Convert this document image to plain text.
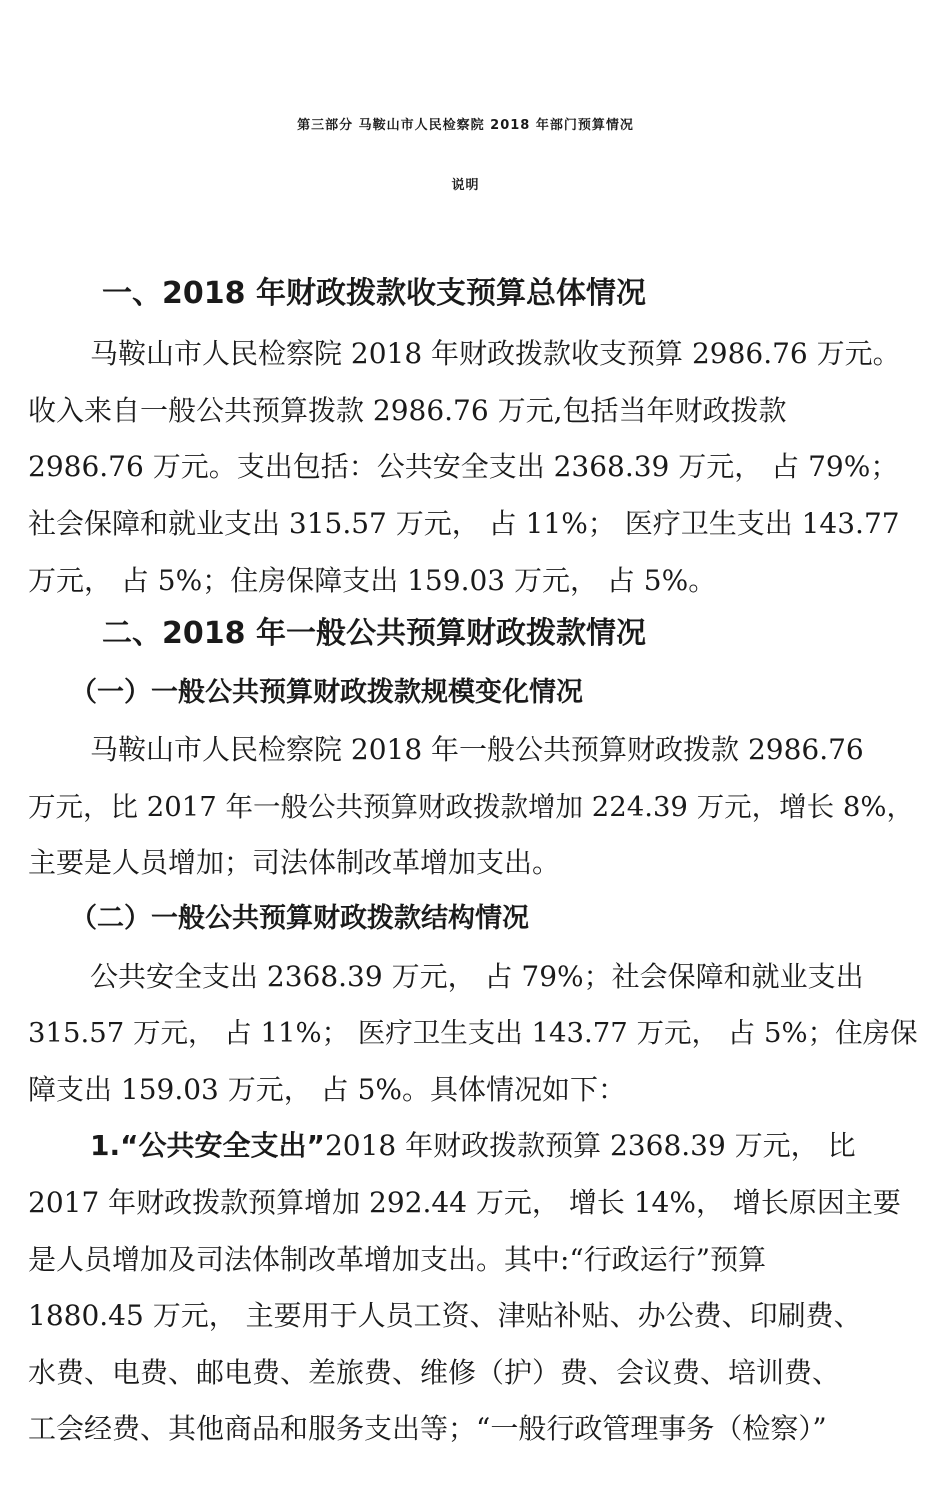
第三部分 马鞍山市人民检察院 2018 年部门预算情况
说明
一、2018 年财政拨款收支预算总体情况
马鞍山市人民检察院 2018 年财政拨款收支预算 2986.76 万元。
收入来自一般公共预算拨款 2986.76 万元,包括当年财政拨款
2986.76 万元。支出包括：公共安全支出 2368.39 万元， 占 79%；
社会保障和就业支出 315.57 万元， 占 11%； 医疗卫生支出 143.77
万元， 占 5%；住房保障支出 159.03 万元， 占 5%。
二、2018 年一般公共预算财政拨款情况
（一）一般公共预算财政拨款规模变化情况
马鞍山市人民检察院 2018 年一般公共预算财政拨款 2986.76
万元，比 2017 年一般公共预算财政拨款增加 224.39 万元，增长 8%，
主要是人员增加；司法体制改革增加支出。
（二）一般公共预算财政拨款结构情况
公共安全支出 2368.39 万元， 占 79%；社会保障和就业支出
315.57 万元， 占 11%； 医疗卫生支出 143.77 万元， 占 5%；住房保
障支出 159.03 万元， 占 5%。具体情况如下：
1.“公共安全支出”2018 年财政拨款预算 2368.39 万元， 比
2017 年财政拨款预算增加 292.44 万元， 增长 14%， 增长原因主要
是人员增加及司法体制改革增加支出。其中:“行政运行”预算
1880.45 万元， 主要用于人员工资、津贴补贴、办公费、印刷费、
水费、电费、邮电费、差旅费、维修（护）费、会议费、培训费、
工会经费、其他商品和服务支出等；“一般行政管理事务（检察）”
